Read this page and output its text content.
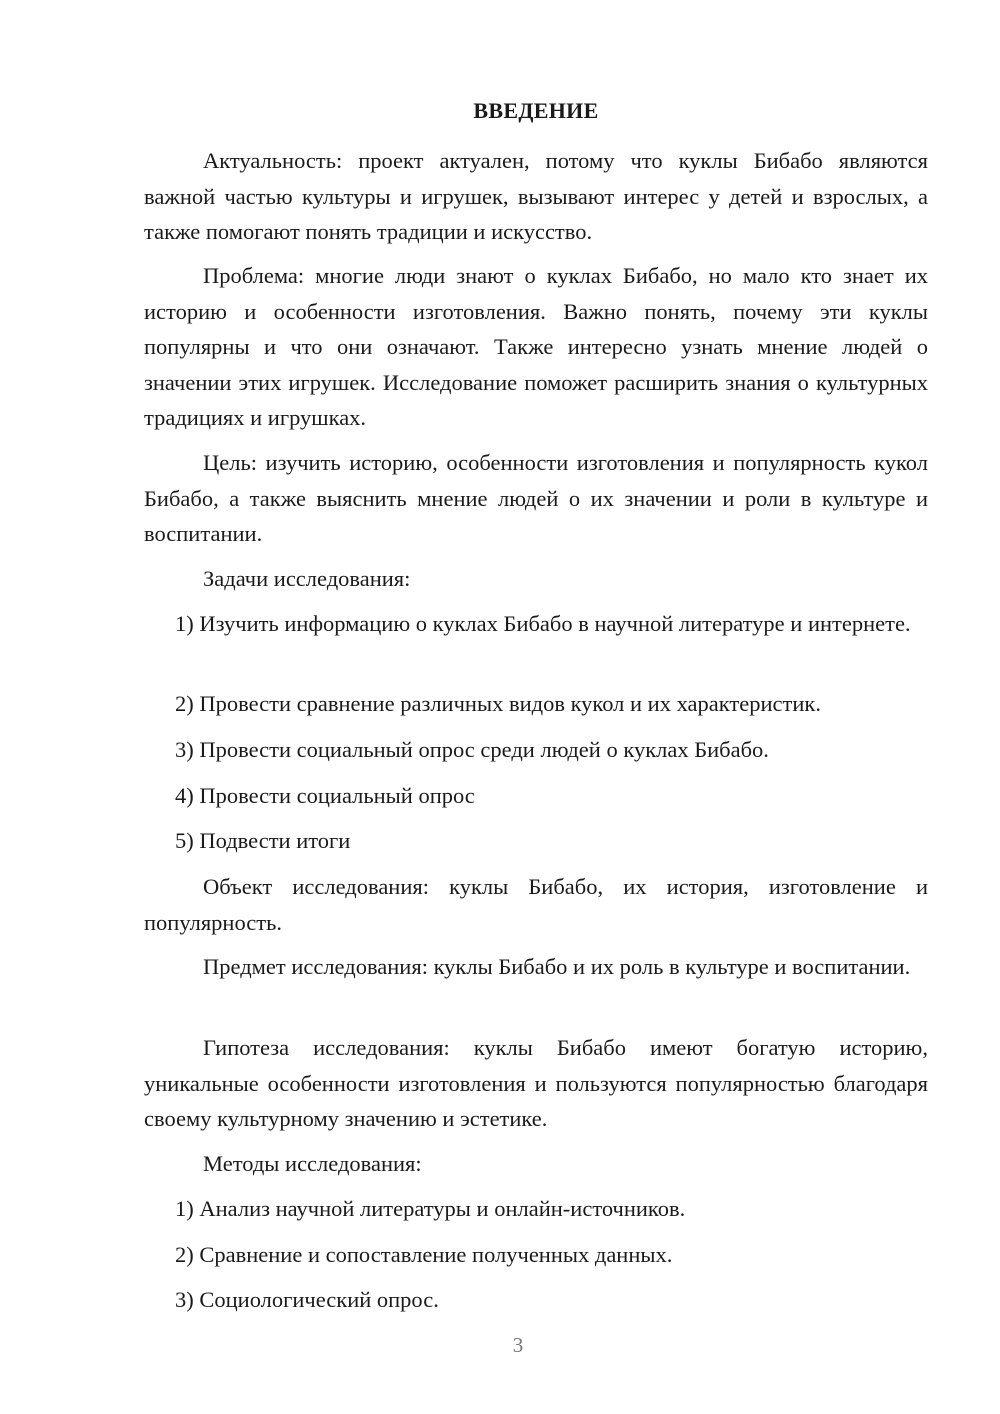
ВВЕДЕНИЕ

Актуальность: проект актуален, потому что куклы Бибабо являются важной частью культуры и игрушек, вызывают интерес у детей и взрослых, а также помогают понять традиции и искусство.

Проблема: многие люди знают о куклах Бибабо, но мало кто знает их историю и особенности изготовления. Важно понять, почему эти куклы популярны и что они означают. Также интересно узнать мнение людей о значении этих игрушек. Исследование поможет расширить знания о культурных традициях и игрушках.

Цель: изучить историю, особенности изготовления и популярность кукол Бибабо, а также выяснить мнение людей о их значении и роли в культуре и воспитании.

Задачи исследования:

1) Изучить информацию о куклах Бибабо в научной литературе и интернете.

2) Провести сравнение различных видов кукол и их характеристик.

3) Провести социальный опрос среди людей о куклах Бибабо.

4) Провести социальный опрос

5) Подвести итоги

Объект исследования: куклы Бибабо, их история, изготовление и популярность.

Предмет исследования: куклы Бибабо и их роль в культуре и воспитании.

Гипотеза исследования: куклы Бибабо имеют богатую историю, уникальные особенности изготовления и пользуются популярностью благодаря своему культурному значению и эстетике.

Методы исследования:

1) Анализ научной литературы и онлайн-источников.

2) Сравнение и сопоставление полученных данных.

3) Социологический опрос.

3
